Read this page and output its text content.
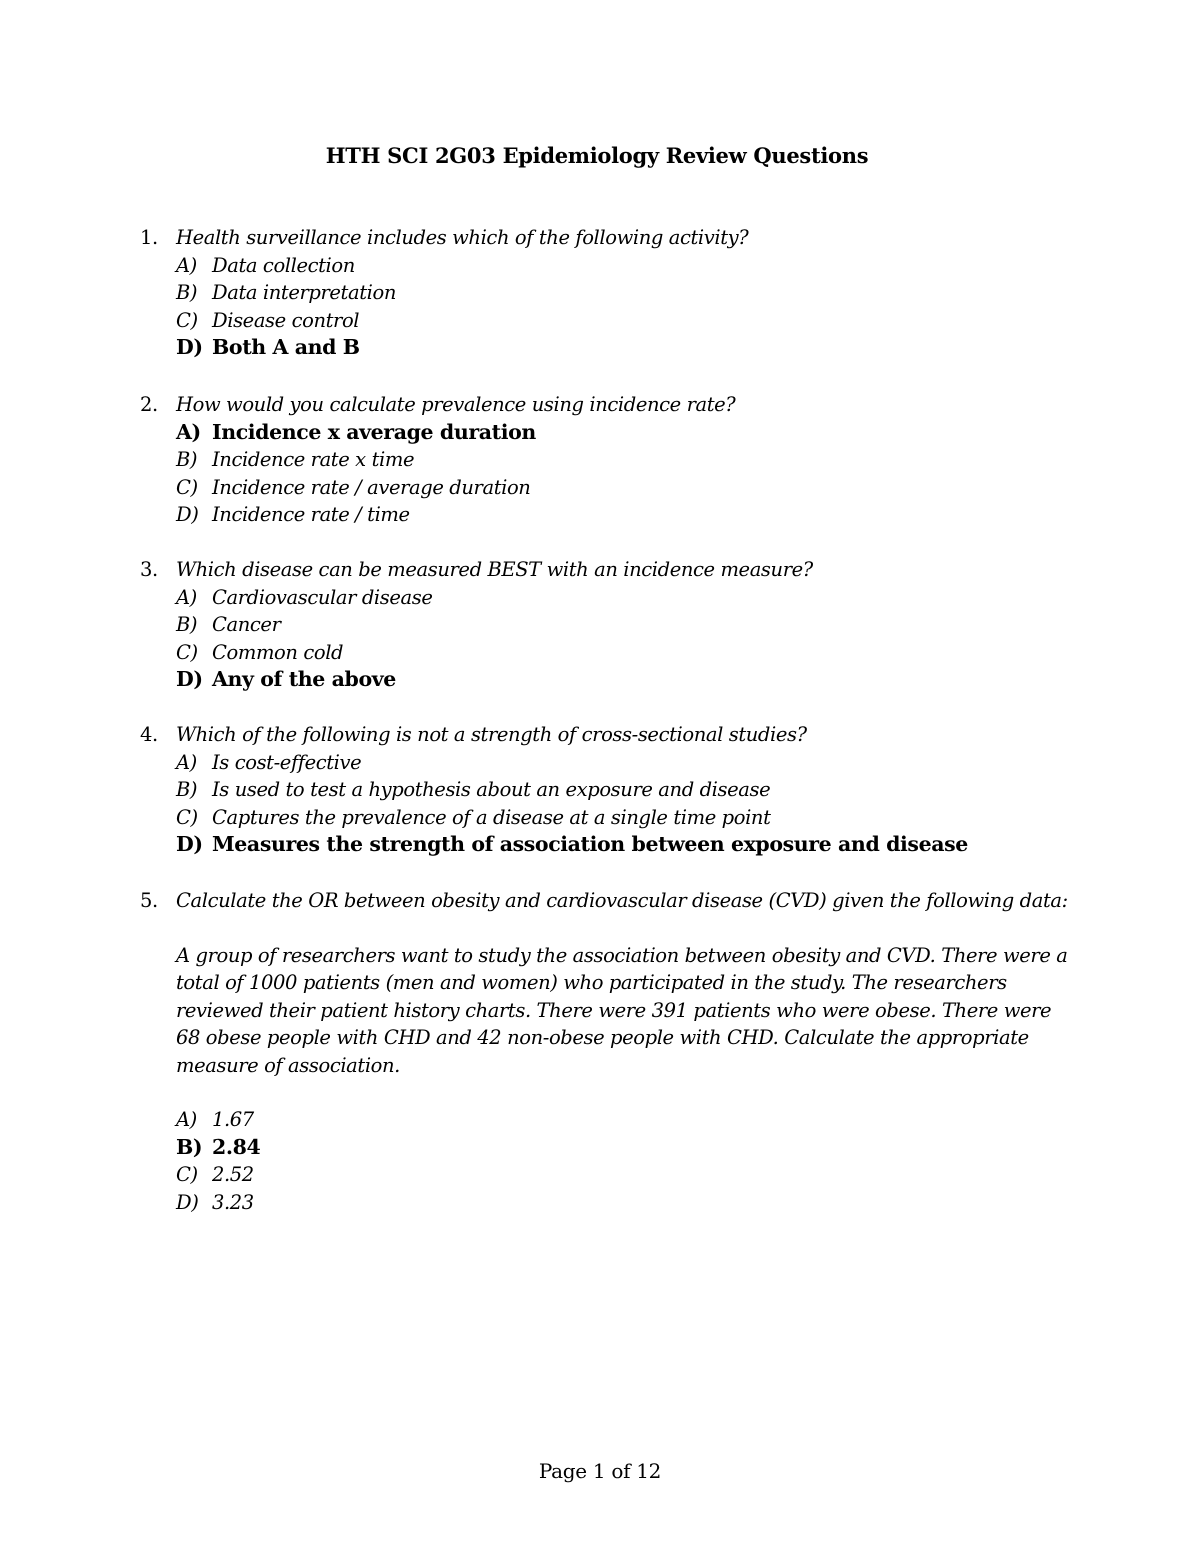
HTH SCI 2G03 Epidemiology Review Questions
1. Health surveillance includes which of the following activity?
A) Data collection
B) Data interpretation
C) Disease control
D) Both A and B
2. How would you calculate prevalence using incidence rate?
A) Incidence x average duration
B) Incidence rate x time
C) Incidence rate / average duration
D) Incidence rate / time
3. Which disease can be measured BEST with an incidence measure?
A) Cardiovascular disease
B) Cancer
C) Common cold
D) Any of the above
4. Which of the following is not a strength of cross-sectional studies?
A) Is cost-effective
B) Is used to test a hypothesis about an exposure and disease
C) Captures the prevalence of a disease at a single time point
D) Measures the strength of association between exposure and disease
5. Calculate the OR between obesity and cardiovascular disease (CVD) given the following data:
A group of researchers want to study the association between obesity and CVD. There were a total of 1000 patients (men and women) who participated in the study. The researchers reviewed their patient history charts. There were 391 patients who were obese. There were 68 obese people with CHD and 42 non-obese people with CHD. Calculate the appropriate measure of association.
A) 1.67
B) 2.84
C) 2.52
D) 3.23
Page 1 of 12
